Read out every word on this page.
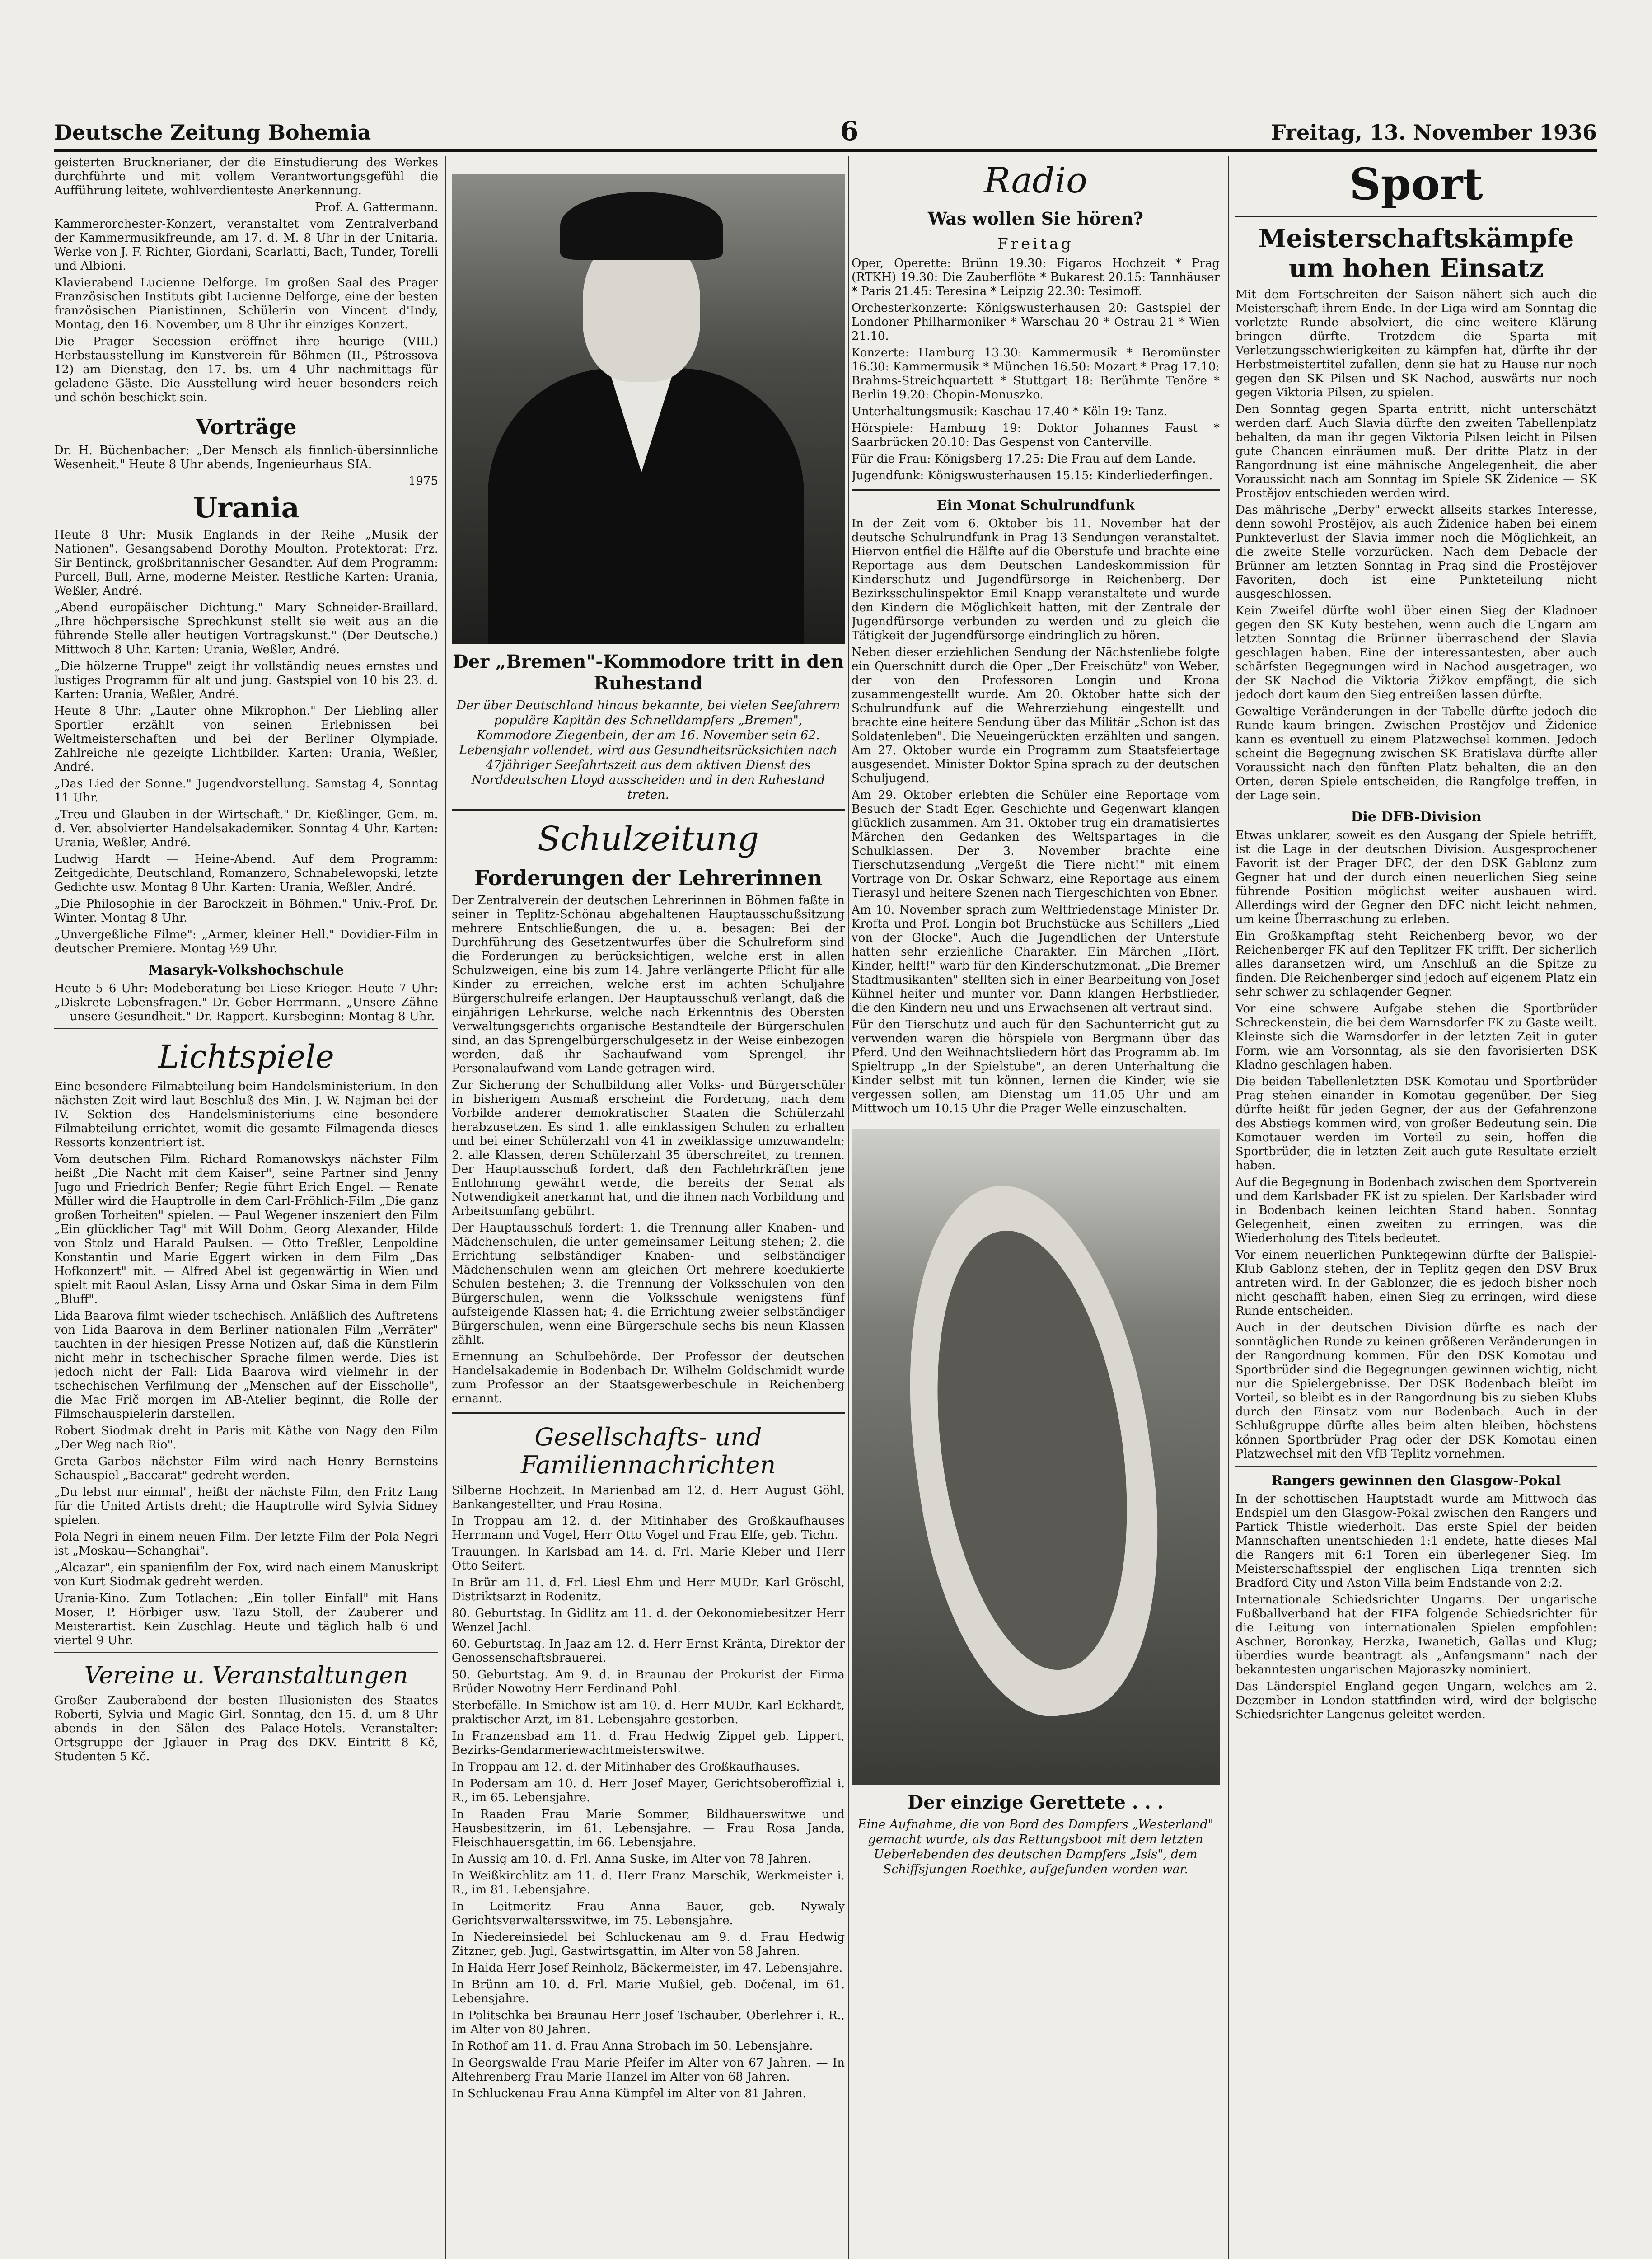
Deutsche Zeitung Bohemia	6	Freitag, 13. November 1936

geisterten Brucknerianer, der die Einstudierung des Werkes durchführte und mit vollem Verantwortungsgefühl die Aufführung leitete, wohlverdienteste Anerkennung.

Prof. A. Gattermann.

Kammerorchester-Konzert, veranstaltet vom Zentralverband der Kammermusikfreunde, am 17. d. M. 8 Uhr in der Unitaria. Werke von J. F. Richter, Giordani, Scarlatti, Bach, Tunder, Torelli und Albioni.

Klavierabend Lucienne Delforge. Im großen Saal des Prager Französischen Instituts gibt Lucienne Delforge, eine der besten französischen Pianistinnen, Schülerin von Vincent d'Indy, Montag, den 16. November, um 8 Uhr ihr einziges Konzert.

Die Prager Secession eröffnet ihre heurige (VIII.) Herbstausstellung im Kunstverein für Böhmen (II., Pštrossova 12) am Dienstag, den 17. bs. um 4 Uhr nachmittags für geladene Gäste. Die Ausstellung wird heuer besonders reich und schön beschickt sein.

Vorträge

Dr. H. Büchenbacher: „Der Mensch als finnlich-übersinnliche Wesenheit." Heute 8 Uhr abends, Ingenieurhaus SIA.

1975

Urania

Heute 8 Uhr: Musik Englands in der Reihe „Musik der Nationen". Gesangsabend Dorothy Moulton. Protektorat: Frz. Sir Bentinck, großbritannischer Gesandter. Auf dem Programm: Purcell, Bull, Arne, moderne Meister. Restliche Karten: Urania, Weßler, André.

„Abend europäischer Dichtung." Mary Schneider-Braillard. „Ihre höchpersische Sprechkunst stellt sie weit aus an die führende Stelle aller heutigen Vortragskunst." (Der Deutsche.) Mittwoch 8 Uhr. Karten: Urania, Weßler, André.

„Die hölzerne Truppe" zeigt ihr vollständig neues ernstes und lustiges Programm für alt und jung. Gastspiel von 10 bis 23. d. Karten: Urania, Weßler, André.

Heute 8 Uhr: „Lauter ohne Mikrophon." Der Liebling aller Sportler erzählt von seinen Erlebnissen bei Weltmeisterschaften und bei der Berliner Olympiade. Zahlreiche nie gezeigte Lichtbilder. Karten: Urania, Weßler, André.

„Das Lied der Sonne." Jugendvorstellung. Samstag 4, Sonntag 11 Uhr.

„Treu und Glauben in der Wirtschaft." Dr. Kießlinger, Gem. m. d. Ver. absolvierter Handelsakademiker. Sonntag 4 Uhr. Karten: Urania, Weßler, André.

Ludwig Hardt — Heine-Abend. Auf dem Programm: Zeitgedichte, Deutschland, Romanzero, Schnabelewopski, letzte Gedichte usw. Montag 8 Uhr. Karten: Urania, Weßler, André.

„Die Philosophie in der Barockzeit in Böhmen." Univ.-Prof. Dr. Winter. Montag 8 Uhr.

„Unvergeßliche Filme": „Armer, kleiner Hell." Dovidier-Film in deutscher Premiere. Montag ½9 Uhr.

Masaryk-Volkshochschule

Heute 5–6 Uhr: Modeberatung bei Liese Krieger. Heute 7 Uhr: „Diskrete Lebensfragen." Dr. Geber-Herrmann. „Unsere Zähne — unsere Gesundheit." Dr. Rappert. Kursbeginn: Montag 8 Uhr.

Lichtspiele

Eine besondere Filmabteilung beim Handelsministerium. In den nächsten Zeit wird laut Beschluß des Min. J. W. Najman bei der IV. Sektion des Handelsministeriums eine besondere Filmabteilung errichtet, womit die gesamte Filmagenda dieses Ressorts konzentriert ist.

Vom deutschen Film. Richard Romanowskys nächster Film heißt „Die Nacht mit dem Kaiser", seine Partner sind Jenny Jugo und Friedrich Benfer; Regie führt Erich Engel. — Renate Müller wird die Hauptrolle in dem Carl-Fröhlich-Film „Die ganz großen Torheiten" spielen. — Paul Wegener inszeniert den Film „Ein glücklicher Tag" mit Will Dohm, Georg Alexander, Hilde von Stolz und Harald Paulsen. — Otto Treßler, Leopoldine Konstantin und Marie Eggert wirken in dem Film „Das Hofkonzert" mit. — Alfred Abel ist gegenwärtig in Wien und spielt mit Raoul Aslan, Lissy Arna und Oskar Sima in dem Film „Bluff".

Lida Baarova filmt wieder tschechisch. Anläßlich des Auftretens von Lida Baarova in dem Berliner nationalen Film „Verräter" tauchten in der hiesigen Presse Notizen auf, daß die Künstlerin nicht mehr in tschechischer Sprache filmen werde. Dies ist jedoch nicht der Fall: Lida Baarova wird vielmehr in der tschechischen Verfilmung der „Menschen auf der Eisscholle", die Mac Frič morgen im AB-Atelier beginnt, die Rolle der Filmschauspielerin darstellen.

Robert Siodmak dreht in Paris mit Käthe von Nagy den Film „Der Weg nach Rio".

Greta Garbos nächster Film wird nach Henry Bernsteins Schauspiel „Baccarat" gedreht werden.

„Du lebst nur einmal", heißt der nächste Film, den Fritz Lang für die United Artists dreht; die Hauptrolle wird Sylvia Sidney spielen.

Pola Negri in einem neuen Film. Der letzte Film der Pola Negri ist „Moskau—Schanghai".

„Alcazar", ein spanienfilm der Fox, wird nach einem Manuskript von Kurt Siodmak gedreht werden.

Urania-Kino. Zum Totlachen: „Ein toller Einfall" mit Hans Moser, P. Hörbiger usw. Tazu Stoll, der Zauberer und Meisterartist. Kein Zuschlag. Heute und täglich halb 6 und viertel 9 Uhr.

Vereine u. Veranstaltungen

Großer Zauberabend der besten Illusionisten des Staates Roberti, Sylvia und Magic Girl. Sonntag, den 15. d. um 8 Uhr abends in den Sälen des Palace-Hotels. Veranstalter: Ortsgruppe der Jglauer in Prag des DKV. Eintritt 8 Kč, Studenten 5 Kč.

Der „Bremen"-Kommodore tritt in den Ruhestand

Der über Deutschland hinaus bekannte, bei vielen Seefahrern populäre Kapitän des Schnelldampfers „Bremen", Kommodore Ziegenbein, der am 16. November sein 62. Lebensjahr vollendet, wird aus Gesundheitsrücksichten nach 47jähriger Seefahrtszeit aus dem aktiven Dienst des Norddeutschen Lloyd ausscheiden und in den Ruhestand treten.

Schulzeitung
Forderungen der Lehrerinnen

Der Zentralverein der deutschen Lehrerinnen in Böhmen faßte in seiner in Teplitz-Schönau abgehaltenen Hauptausschußsitzung mehrere Entschließungen, die u. a. besagen: Bei der Durchführung des Gesetzentwurfes über die Schulreform sind die Forderungen zu berücksichtigen, welche erst in allen Schulzweigen, eine bis zum 14. Jahre verlängerte Pflicht für alle Kinder zu erreichen, welche erst im achten Schuljahre Bürgerschulreife erlangen. Der Hauptausschuß verlangt, daß die einjährigen Lehrkurse, welche nach Erkenntnis des Obersten Verwaltungsgerichts organische Bestandteile der Bürgerschulen sind, an das Sprengelbürgerschulgesetz in der Weise einbezogen werden, daß ihr Sachaufwand vom Sprengel, ihr Personalaufwand vom Lande getragen wird.

Zur Sicherung der Schulbildung aller Volks- und Bürgerschüler in bisherigem Ausmaß erscheint die Forderung, nach dem Vorbilde anderer demokratischer Staaten die Schülerzahl herabzusetzen. Es sind 1. alle einklassigen Schulen zu erhalten und bei einer Schülerzahl von 41 in zweiklassige umzuwandeln; 2. alle Klassen, deren Schülerzahl 35 überschreitet, zu trennen. Der Hauptausschuß fordert, daß den Fachlehrkräften jene Entlohnung gewährt werde, die bereits der Senat als Notwendigkeit anerkannt hat, und die ihnen nach Vorbildung und Arbeitsumfang gebührt.

Der Hauptausschuß fordert: 1. die Trennung aller Knaben- und Mädchenschulen, die unter gemeinsamer Leitung stehen; 2. die Errichtung selbständiger Knaben- und selbständiger Mädchenschulen wenn am gleichen Ort mehrere koedukierte Schulen bestehen; 3. die Trennung der Volksschulen von den Bürgerschulen, wenn die Volksschule wenigstens fünf aufsteigende Klassen hat; 4. die Errichtung zweier selbständiger Bürgerschulen, wenn eine Bürgerschule sechs bis neun Klassen zählt.

Ernennung an Schulbehörde. Der Professor der deutschen Handelsakademie in Bodenbach Dr. Wilhelm Goldschmidt wurde zum Professor an der Staatsgewerbeschule in Reichenberg ernannt.

Gesellschafts- und Familiennachrichten

Silberne Hochzeit. In Marienbad am 12. d. Herr August Göhl, Bankangestellter, und Frau Rosina.

In Troppau am 12. d. der Mitinhaber des Großkaufhauses Herrmann und Vogel, Herr Otto Vogel und Frau Elfe, geb. Tichn.

Trauungen. In Karlsbad am 14. d. Frl. Marie Kleber und Herr Otto Seifert.

In Brür am 11. d. Frl. Liesl Ehm und Herr MUDr. Karl Gröschl, Distriktsarzt in Rodenitz.

80. Geburtstag. In Gidlitz am 11. d. der Oekonomiebesitzer Herr Wenzel Jachl.

60. Geburtstag. In Jaaz am 12. d. Herr Ernst Kränta, Direktor der Genossenschaftsbrauerei.

50. Geburtstag. Am 9. d. in Braunau der Prokurist der Firma Brüder Nowotny Herr Ferdinand Pohl.

Sterbefälle. In Smichow ist am 10. d. Herr MUDr. Karl Eckhardt, praktischer Arzt, im 81. Lebensjahre gestorben.

In Franzensbad am 11. d. Frau Hedwig Zippel geb. Lippert, Bezirks-Gendarmeriewachtmeisterswitwe.

In Troppau am 12. d. der Mitinhaber des Großkaufhauses.

In Podersam am 10. d. Herr Josef Mayer, Gerichtsoberoffizial i. R., im 65. Lebensjahre.

In Raaden Frau Marie Sommer, Bildhauerswitwe und Hausbesitzerin, im 61. Lebensjahre. — Frau Rosa Janda, Fleischhauersgattin, im 66. Lebensjahre.

In Aussig am 10. d. Frl. Anna Suske, im Alter von 78 Jahren.

In Weißkirchlitz am 11. d. Herr Franz Marschik, Werkmeister i. R., im 81. Lebensjahre.

In Leitmeritz Frau Anna Bauer, geb. Nywaly Gerichtsverwaltersswitwe, im 75. Lebensjahre.

In Niedereinsiedel bei Schluckenau am 9. d. Frau Hedwig Zitzner, geb. Jugl, Gastwirtsgattin, im Alter von 58 Jahren.

In Haida Herr Josef Reinholz, Bäckermeister, im 47. Lebensjahre.

In Brünn am 10. d. Frl. Marie Mußiel, geb. Dočenal, im 61. Lebensjahre.

In Politschka bei Braunau Herr Josef Tschauber, Oberlehrer i. R., im Alter von 80 Jahren.

In Rothof am 11. d. Frau Anna Strobach im 50. Lebensjahre.

In Georgswalde Frau Marie Pfeifer im Alter von 67 Jahren. — In Altehrenberg Frau Marie Hanzel im Alter von 68 Jahren.

In Schluckenau Frau Anna Kümpfel im Alter von 81 Jahren.

Radio
Was wollen Sie hören?
Freitag

Oper, Operette: Brünn 19.30: Figaros Hochzeit * Prag (RTKH) 19.30: Die Zauberflöte * Bukarest 20.15: Tannhäuser * Paris 21.45: Teresina * Leipzig 22.30: Tesimoff.

Orchesterkonzerte: Königswusterhausen 20: Gastspiel der Londoner Philharmoniker * Warschau 20 * Ostrau 21 * Wien 21.10.

Konzerte: Hamburg 13.30: Kammermusik * Beromünster 16.30: Kammermusik * München 16.50: Mozart * Prag 17.10: Brahms-Streichquartett * Stuttgart 18: Berühmte Tenöre * Berlin 19.20: Chopin-Monuszko.

Unterhaltungsmusik: Kaschau 17.40 * Köln 19: Tanz.

Hörspiele: Hamburg 19: Doktor Johannes Faust * Saarbrücken 20.10: Das Gespenst von Canterville.

Für die Frau: Königsberg 17.25: Die Frau auf dem Lande.

Jugendfunk: Königswusterhausen 15.15: Kinderliederfingen.

Ein Monat Schulrundfunk

In der Zeit vom 6. Oktober bis 11. November hat der deutsche Schulrundfunk in Prag 13 Sendungen veranstaltet. Hiervon entfiel die Hälfte auf die Oberstufe und brachte eine Reportage aus dem Deutschen Landeskommission für Kinderschutz und Jugendfürsorge in Reichenberg. Der Bezirksschulinspektor Emil Knapp veranstaltete und wurde den Kindern die Möglichkeit hatten, mit der Zentrale der Jugendfürsorge verbunden zu werden und zu gleich die Tätigkeit der Jugendfürsorge eindringlich zu hören.

Neben dieser erziehlichen Sendung der Nächstenliebe folgte ein Querschnitt durch die Oper „Der Freischütz" von Weber, der von den Professoren Longin und Krona zusammengestellt wurde. Am 20. Oktober hatte sich der Schulrundfunk auf die Wehrerziehung eingestellt und brachte eine heitere Sendung über das Militär „Schon ist das Soldatenleben". Die Neueingerückten erzählten und sangen. Am 27. Oktober wurde ein Programm zum Staatsfeiertage ausgesendet. Minister Doktor Spina sprach zu der deutschen Schuljugend.

Am 29. Oktober erlebten die Schüler eine Reportage vom Besuch der Stadt Eger. Geschichte und Gegenwart klangen glücklich zusammen. Am 31. Oktober trug ein dramatisiertes Märchen den Gedanken des Weltspartages in die Schulklassen. Der 3. November brachte eine Tierschutzsendung „Vergeßt die Tiere nicht!" mit einem Vortrage von Dr. Oskar Schwarz, eine Reportage aus einem Tierasyl und heitere Szenen nach Tiergeschichten von Ebner.

Am 10. November sprach zum Weltfriedenstage Minister Dr. Krofta und Prof. Longin bot Bruchstücke aus Schillers „Lied von der Glocke". Auch die Jugendlichen der Unterstufe hatten sehr erziehliche Charakter. Ein Märchen „Hört, Kinder, helft!" warb für den Kinderschutzmonat. „Die Bremer Stadtmusikanten" stellten sich in einer Bearbeitung von Josef Kühnel heiter und munter vor. Dann klangen Herbstlieder, die den Kindern neu und uns Erwachsenen alt vertraut sind.

Für den Tierschutz und auch für den Sachunterricht gut zu verwenden waren die hörspiele von Bergmann über das Pferd. Und den Weihnachtsliedern hört das Programm ab. Im Spieltrupp „In der Spielstube", an deren Unterhaltung die Kinder selbst mit tun können, lernen die Kinder, wie sie vergessen sollen, am Dienstag um 11.05 Uhr und am Mittwoch um 10.15 Uhr die Prager Welle einzuschalten.

Der einzige Gerettete . . .

Eine Aufnahme, die von Bord des Dampfers „Westerland" gemacht wurde, als das Rettungsboot mit dem letzten Ueberlebenden des deutschen Dampfers „Isis", dem Schiffsjungen Roethke, aufgefunden worden war.

Sport
Meisterschaftskämpfe um hohen Einsatz

Mit dem Fortschreiten der Saison nähert sich auch die Meisterschaft ihrem Ende. In der Liga wird am Sonntag die vorletzte Runde absolviert, die eine weitere Klärung bringen dürfte. Trotzdem die Sparta mit Verletzungsschwierigkeiten zu kämpfen hat, dürfte ihr der Herbstmeistertitel zufallen, denn sie hat zu Hause nur noch gegen den SK Pilsen und SK Nachod, auswärts nur noch gegen Viktoria Pilsen, zu spielen.

Den Sonntag gegen Sparta entritt, nicht unterschätzt werden darf. Auch Slavia dürfte den zweiten Tabellenplatz behalten, da man ihr gegen Viktoria Pilsen leicht in Pilsen gute Chancen einräumen muß. Der dritte Platz in der Rangordnung ist eine mähnische Angelegenheit, die aber Voraussicht nach am Sonntag im Spiele SK Židenice — SK Prostějov entschieden werden wird.

Das mährische „Derby" erweckt allseits starkes Interesse, denn sowohl Prostějov, als auch Židenice haben bei einem Punkteverlust der Slavia immer noch die Möglichkeit, an die zweite Stelle vorzurücken. Nach dem Debacle der Brünner am letzten Sonntag in Prag sind die Prostějover Favoriten, doch ist eine Punkteteilung nicht ausgeschlossen.

Kein Zweifel dürfte wohl über einen Sieg der Kladnoer gegen den SK Kuty bestehen, wenn auch die Ungarn am letzten Sonntag die Brünner überraschend der Slavia geschlagen haben. Eine der interessantesten, aber auch schärfsten Begegnungen wird in Nachod ausgetragen, wo der SK Nachod die Viktoria Žižkov empfängt, die sich jedoch dort kaum den Sieg entreißen lassen dürfte.

Gewaltige Veränderungen in der Tabelle dürfte jedoch die Runde kaum bringen. Zwischen Prostějov und Židenice kann es eventuell zu einem Platzwechsel kommen. Jedoch scheint die Begegnung zwischen SK Bratislava dürfte aller Voraussicht nach den fünften Platz behalten, die an den Orten, deren Spiele entscheiden, die Rangfolge treffen, in der Lage sein.

Die DFB-Division

Etwas unklarer, soweit es den Ausgang der Spiele betrifft, ist die Lage in der deutschen Division. Ausgesprochener Favorit ist der Prager DFC, der den DSK Gablonz zum Gegner hat und der durch einen neuerlichen Sieg seine führende Position möglichst weiter ausbauen wird. Allerdings wird der Gegner den DFC nicht leicht nehmen, um keine Überraschung zu erleben.

Ein Großkampftag steht Reichenberg bevor, wo der Reichenberger FK auf den Teplitzer FK trifft. Der sicherlich alles daransetzen wird, um Anschluß an die Spitze zu finden. Die Reichenberger sind jedoch auf eigenem Platz ein sehr schwer zu schlagender Gegner.

Vor eine schwere Aufgabe stehen die Sportbrüder Schreckenstein, die bei dem Warnsdorfer FK zu Gaste weilt. Kleinste sich die Warnsdorfer in der letzten Zeit in guter Form, wie am Vorsonntag, als sie den favorisierten DSK Kladno geschlagen haben.

Die beiden Tabellenletzten DSK Komotau und Sportbrüder Prag stehen einander in Komotau gegenüber. Der Sieg dürfte heißt für jeden Gegner, der aus der Gefahrenzone des Abstiegs kommen wird, von großer Bedeutung sein. Die Komotauer werden im Vorteil zu sein, hoffen die Sportbrüder, die in letzten Zeit auch gute Resultate erzielt haben.

Auf die Begegnung in Bodenbach zwischen dem Sportverein und dem Karlsbader FK ist zu spielen. Der Karlsbader wird in Bodenbach keinen leichten Stand haben. Sonntag Gelegenheit, einen zweiten zu erringen, was die Wiederholung des Titels bedeutet.

Vor einem neuerlichen Punktegewinn dürfte der Ballspiel-Klub Gablonz stehen, der in Teplitz gegen den DSV Brux antreten wird. In der Gablonzer, die es jedoch bisher noch nicht geschafft haben, einen Sieg zu erringen, wird diese Runde entscheiden.

Auch in der deutschen Division dürfte es nach der sonntäglichen Runde zu keinen größeren Veränderungen in der Rangordnung kommen. Für den DSK Komotau und Sportbrüder sind die Begegnungen gewinnen wichtig, nicht nur die Spielergebnisse. Der DSK Bodenbach bleibt im Vorteil, so bleibt es in der Rangordnung bis zu sieben Klubs durch den Einsatz vom nur Bodenbach. Auch in der Schlußgruppe dürfte alles beim alten bleiben, höchstens können Sportbrüder Prag oder der DSK Komotau einen Platzwechsel mit den VfB Teplitz vornehmen.

Rangers gewinnen den Glasgow-Pokal

In der schottischen Hauptstadt wurde am Mittwoch das Endspiel um den Glasgow-Pokal zwischen den Rangers und Partick Thistle wiederholt. Das erste Spiel der beiden Mannschaften unentschieden 1:1 endete, hatte dieses Mal die Rangers mit 6:1 Toren ein überlegener Sieg. Im Meisterschaftsspiel der englischen Liga trennten sich Bradford City und Aston Villa beim Endstande von 2:2.

Internationale Schiedsrichter Ungarns. Der ungarische Fußballverband hat der FIFA folgende Schiedsrichter für die Leitung von internationalen Spielen empfohlen: Aschner, Boronkay, Herzka, Iwanetich, Gallas und Klug; überdies wurde beantragt als „Anfangsmann" nach der bekanntesten ungarischen Majoraszky nominiert.

Das Länderspiel England gegen Ungarn, welches am 2. Dezember in London stattfinden wird, wird der belgische Schiedsrichter Langenus geleitet werden.
